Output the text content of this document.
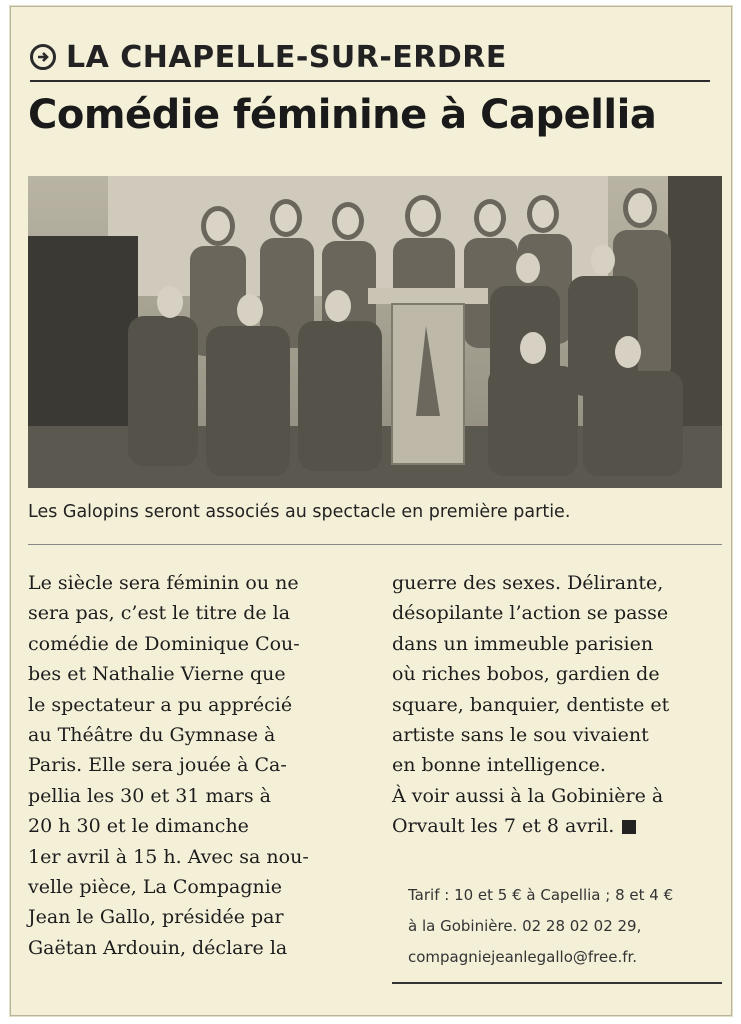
LA CHAPELLE-SUR-ERDRE
Comédie féminine à Capellia
Les Galopins seront associés au spectacle en première partie.
Le siècle sera féminin ou ne
sera pas, c’est le titre de la
comédie de Dominique Cou-
bes et Nathalie Vierne que
le spectateur a pu apprécié
au Théâtre du Gymnase à
Paris. Elle sera jouée à Ca-
pellia les 30 et 31 mars à
20 h 30 et le dimanche
1er avril à 15 h. Avec sa nou-
velle pièce, La Compagnie
Jean le Gallo, présidée par
Gaëtan Ardouin, déclare la
guerre des sexes. Délirante,
désopilante l’action se passe
dans un immeuble parisien
où riches bobos, gardien de
square, banquier, dentiste et
artiste sans le sou vivaient
en bonne intelligence.
À voir aussi à la Gobinière à
Orvault les 7 et 8 avril.
Tarif : 10 et 5 € à Capellia ; 8 et 4 €
à la Gobinière. 02 28 02 02 29,
compagniejeanlegallo@free.fr.
